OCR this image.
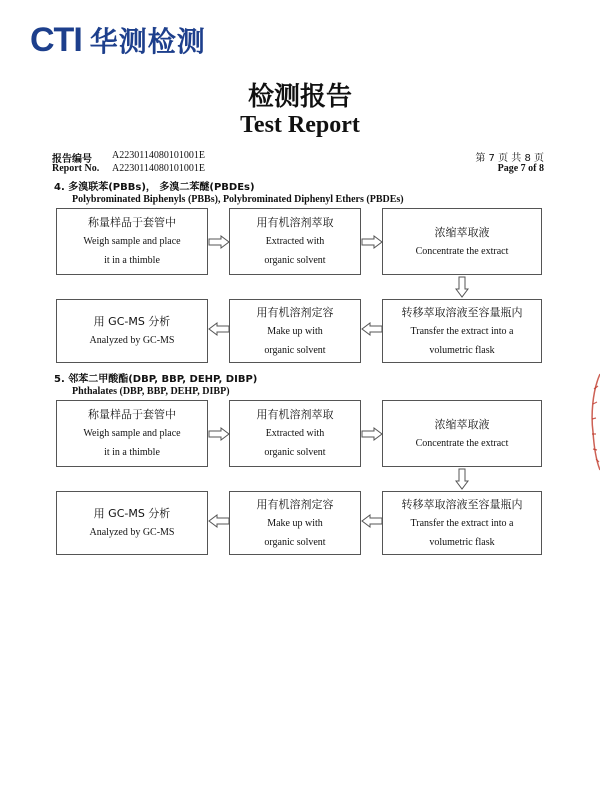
CTI 华测检测
检测报告
Test Report
报告编号 A2230114080101001E
Report No. A2230114080101001E
第 7 页 共 8 页
Page 7 of 8
4. 多溴联苯(PBBs)， 多溴二苯醚(PBDEs)
Polybrominated Biphenyls (PBBs), Polybrominated Diphenyl Ethers (PBDEs)
称量样品于套管中
Weigh sample and place
it in a thimble
用有机溶剂萃取
Extracted with
organic solvent
浓缩萃取液
Concentrate the extract
转移萃取溶液至容量瓶内
Transfer the extract into a
volumetric flask
用有机溶剂定容
Make up with
organic solvent
用 GC-MS 分析
Analyzed by GC-MS
5. 邻苯二甲酸酯(DBP, BBP, DEHP, DIBP)
Phthalates (DBP, BBP, DEHP, DIBP)
称量样品于套管中
Weigh sample and place
it in a thimble
用有机溶剂萃取
Extracted with
organic solvent
浓缩萃取液
Concentrate the extract
转移萃取溶液至容量瓶内
Transfer the extract into a
volumetric flask
用有机溶剂定容
Make up with
organic solvent
用 GC-MS 分析
Analyzed by GC-MS
